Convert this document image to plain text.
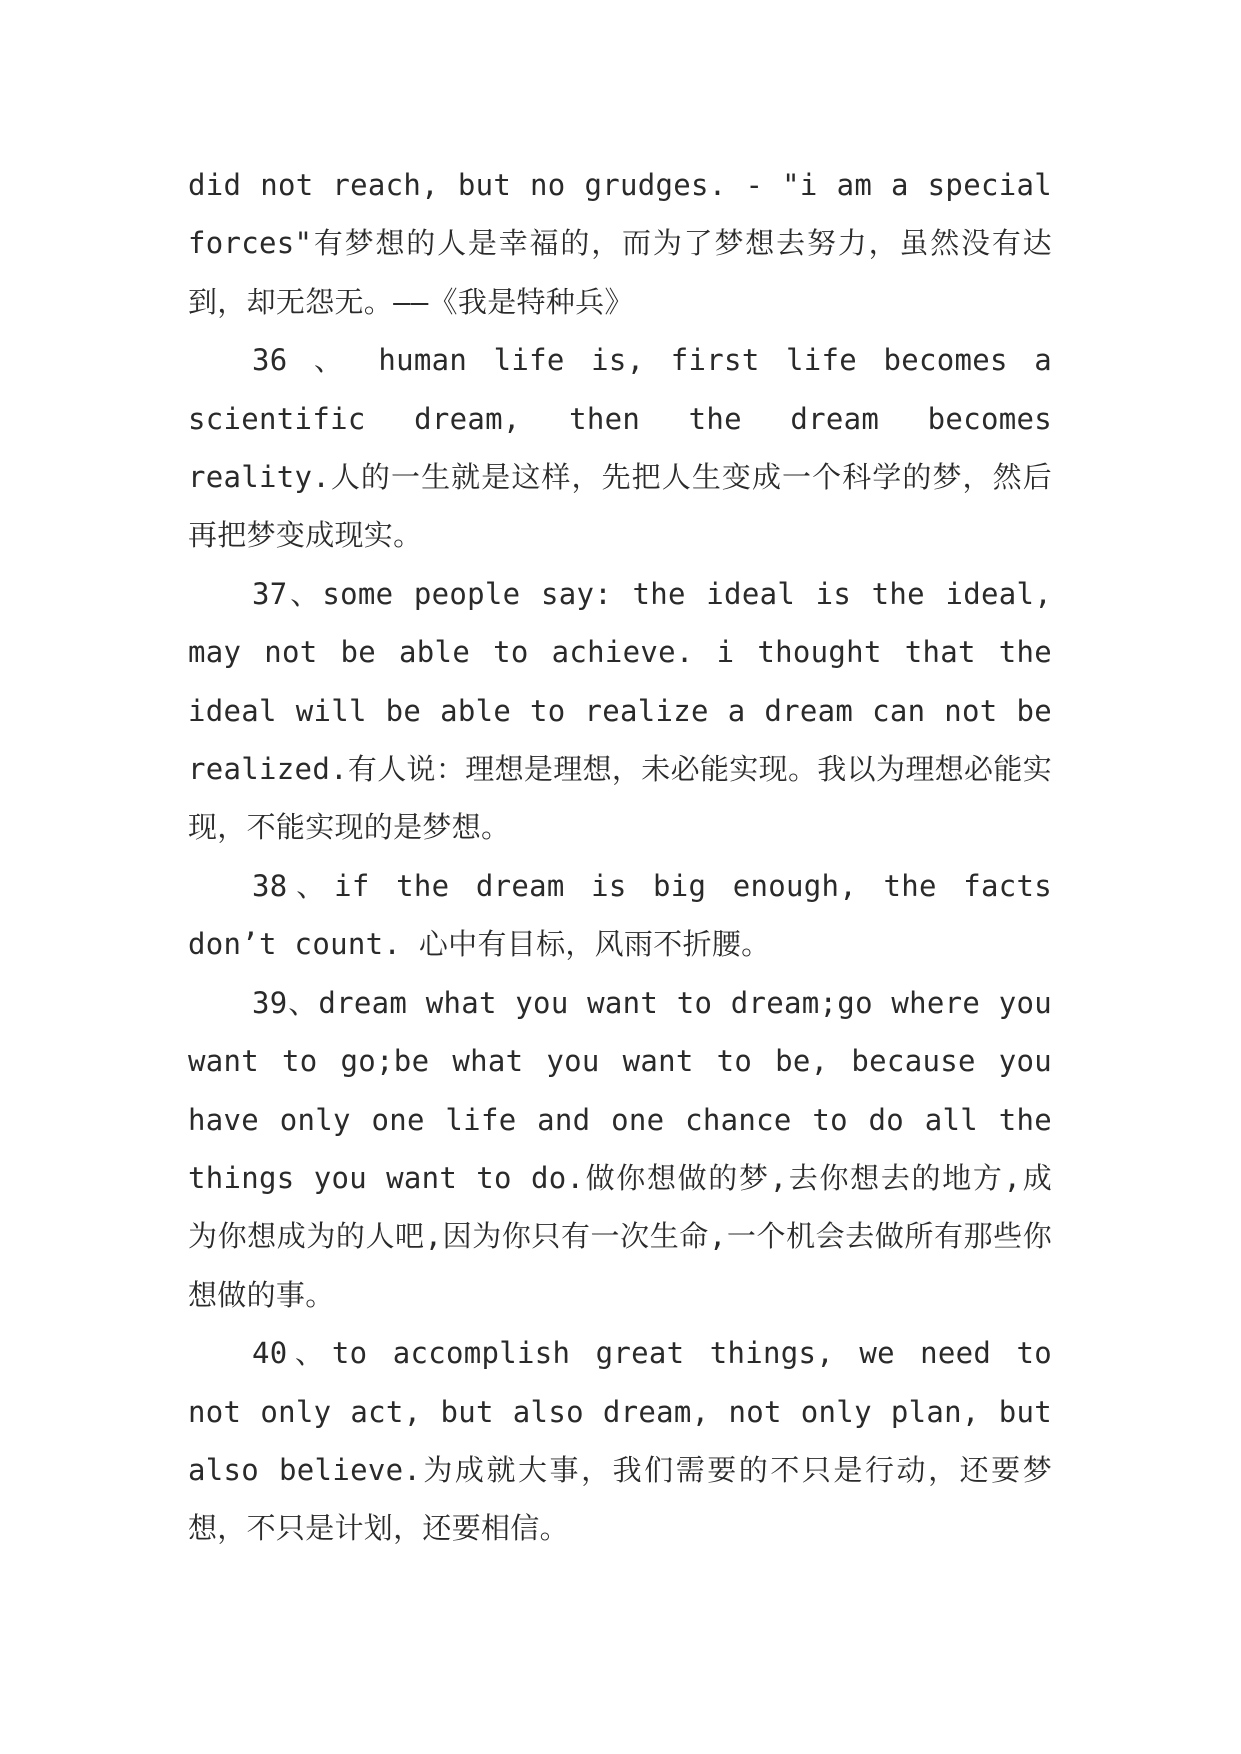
did not reach, but no grudges. - "i am a special forces"有梦想的人是幸福的，而为了梦想去努力，虽然没有达到，却无怨无。——《我是特种兵》

36 、 human life is, first life becomes a scientific dream, then the dream becomes reality.人的一生就是这样，先把人生变成一个科学的梦，然后再把梦变成现实。

37、some people say: the ideal is the ideal, may not be able to achieve. i thought that the ideal will be able to realize a dream can not be realized.有人说：理想是理想，未必能实现。我以为理想必能实现，不能实现的是梦想。

38、if the dream is big enough, the facts don’t count. 心中有目标，风雨不折腰。

39、dream what you want to dream;go where you want to go;be what you want to be, because you have only one life and one chance to do all the things you want to do.做你想做的梦,去你想去的地方,成为你想成为的人吧,因为你只有一次生命,一个机会去做所有那些你想做的事。

40、to accomplish great things, we need to not only act, but also dream, not only plan, but also believe.为成就大事，我们需要的不只是行动，还要梦想，不只是计划，还要相信。
